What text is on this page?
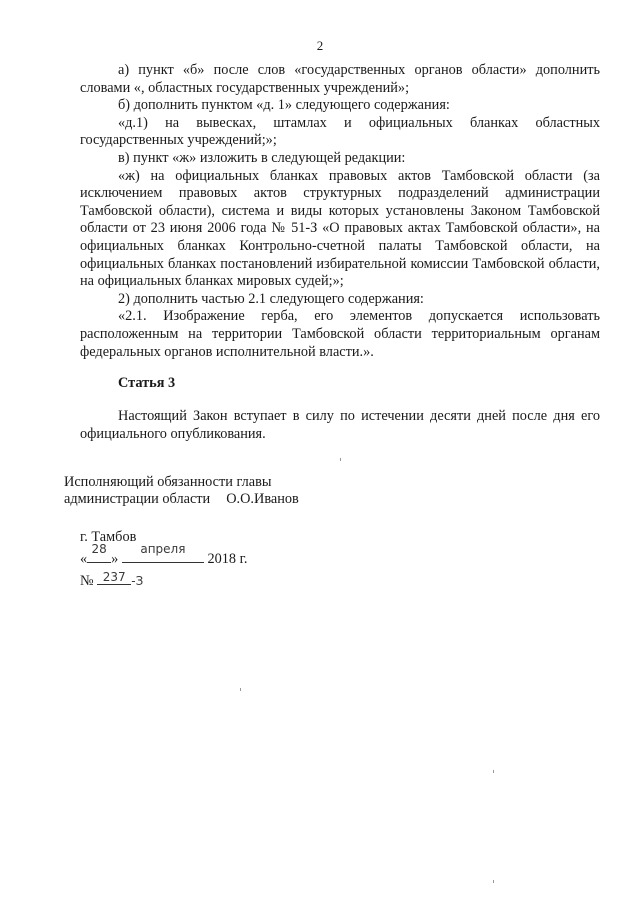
2

а) пункт «б» после слов «государственных органов области» дополнить словами «, областных государственных учреждений»;

б) дополнить пунктом «д. 1» следующего содержания:

«д.1) на вывесках, штамлах и официальных бланках областных государственных учреждений;»;

в) пункт «ж» изложить в следующей редакции:

«ж) на официальных бланках правовых актов Тамбовской области (за исключением правовых актов структурных подразделений администрации Тамбовской области), система и виды которых установлены Законом Тамбовской области от 23 июня 2006 года № 51-З «О правовых актах Тамбовской области», на официальных бланках Контрольно-счетной палаты Тамбовской области, на официальных бланках постановлений избирательной комиссии Тамбовской области, на официальных бланках мировых судей;»;

2) дополнить частью 2.1 следующего содержания:

«2.1. Изображение герба, его элементов допускается использовать расположенным на территории Тамбовской области территориальным органам федеральных органов исполнительной власти.».

Статья 3

Настоящий Закон вступает в силу по истечении десяти дней после дня его официального опубликования.

Исполняющий обязанности главы
администрации области О.О.Иванов
г. Тамбов
«
28
»
апреля
2018 г.
№ 237 -З
